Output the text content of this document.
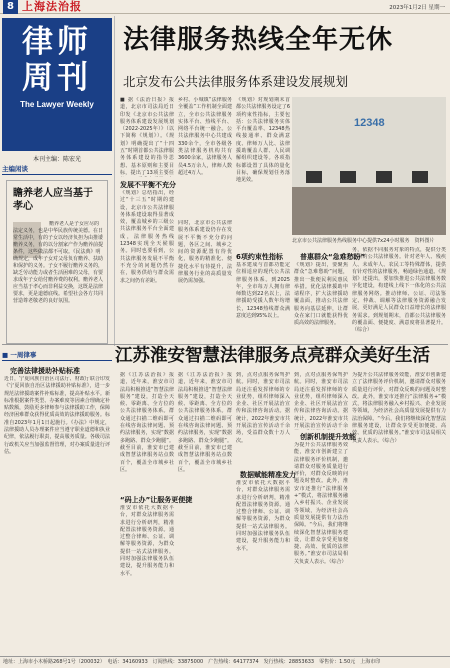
8 上海法治报	2023年1月2日 星期一
律师
周刊
The Lawyer Weekly
本刊主编：陈宏光
主编闲谈
瞻养老人应当基于孝心
赡养老人是子女应尽的法定义务，也是中华民族传统美德。在日常生活中，有的子女以经济负担为由推诿赡养义务，有的以分割家产作为赡养前提条件，这些做法都不可取。《民法典》明确规定，成年子女对父母负有赡养、扶助和保护的义务。子女不履行赡养义务的，缺乏劳动能力或者生活困难的父母，有要求成年子女给付赡养费的权利。赡养老人应当基于孝心而非利益交换，这既是法律要求，更是道德底线。希望社会各方共同营造尊老敬老的良好氛围。
法律服务热线全年无休
北京发布公共法律服务体系建设发展规划
■ 据《法治日报》报道，北京市司法局近日印发《北京市公共法律服务体系建设发展规划（2022-2025年）》（以下简称《规划》）。《规划》明确提出了“十四五”时期首都公共法律服务体系建设的指导思想、基本原则和主要目标，提出了13项主要任
发展不平衡不充分
《规划》总结指出，经过“十三五”时期的建设，北京市公共法律服务体系建设取得显著成效，覆盖城乡的三级公共法律服务平台全面建成，法律服务热线12348实现全天候服务。同时也要看到，公共法律服务发展不平衡不充分的问题仍然存在，服务供给与群众需求之间仍有差距。
乡村、小城镇“法律服务全覆盖”工作机制全面建立，全市公共法律服务实体平台、热线平台、网络平台统一融合。公共法律服务中心共建成330余个，全市各级各类法律服务机构共有3600余家，法律服务人员4.5万余人，律师人数超过4万人。
同时，北京市公共法律服务体系建设仍存在发展不平衡不充分的问题，各区之间、城乡之间的资源配置有待优化，服务的精准化、便捷化水平有待提升，法律服务行业的高质量发展仍需加强。
《规划》对规划期末首都公共法律服务设定了6项约束性指标，主要包括：公共法律服务实体平台覆盖率、12348热线接通率、群众满意度、律师万人比、法律援助覆盖人群、人民调解组织建设等。各项指标都设置了具体的量化目标，确保规划任务落地见效。
6项约束性指标
基本建成与首都功能定位相适应的现代公共法律服务体系。到2025年，全市每万人拥有律师数达到22名以上，法律援助受援人数年均增长，12348热线群众满意度达到95%以上。
12348
北京市公共法律服务热线服务中心提供7x24小时服务　资料图片
普惠群众“急难愁盼”
《规划》提出，要聚焦群众“急难愁盼”问题，推出一批便民利民惠民举措。优化法律援助申请程序，扩大法律援助覆盖面，推动公共法律服务向基层延伸，让群众在家门口就能获得优质高效的法律服务。
务，依据不同服务对象的特点，提供分类分层的公共法律服务。针对老年人、残疾人、未成年人、农民工等特殊群体，提供有针对性的法律服务，畅通绿色通道。《规划》还提出，要加快推进公共法律服务数字化建设，构建线上线下一体化的公共法律服务网络。推动律师、公证、司法鉴定、仲裁、调解等法律服务资源融合发展，更好满足人民群众日益增长的法律服务需求。到规划期末，首都公共法律服务的覆盖面、便捷度、满意度将显著提升。（综合）
■ 一周律事
完善法律援助补贴标准
近日，宁夏回族自治区司法厅、财政厅联合印发《宁夏回族自治区法律援助补贴标准》，进一步规范法律援助案件补贴标准，提高补贴水平。新标准根据案件类型、办案难度等因素合理确定补贴数额，鼓励更多律师参与法律援助工作，保障经济困难群众获得优质高效的法律援助服务。标准自2023年1月1日起施行。《办法》中规定，法律援助人员办理案件应当遵守职业道德和执业纪律，依法履行职责，提高服务质量。各级司法行政机关应当加强监督管理，对办案质量进行评估。
江苏淮安智慧法律服务点亮群众美好生活
据《江苏法治报》报道，近年来，淮安市司法局积极推进“智慧法律服务”建设，打造全天候、零距离、全方位的公共法律服务体系。群众通过扫描二维码即可在线咨询法律问题、预约法律服务，实现“数据多跑路、群众少跑腿”。截至目前，淮安市已建成智慧法律服务站点数百个，覆盖全市城乡社区。
“码上办”让服务更便捷
淮安市依托大数据平台，对群众法律服务需求进行分析研判，精准配置法律服务资源。通过整合律师、公证、调解等服务资源，为群众提供一站式法律服务。同时加强法律服务队伍建设，提升服务能力和水平。
据《江苏法治报》报道，近年来，淮安市司法局积极推进“智慧法律服务”建设，打造全天候、零距离、全方位的公共法律服务体系。群众通过扫描二维码即可在线咨询法律问题、预约法律服务，实现“数据多跑路、群众少跑腿”。截至目前，淮安市已建成智慧法律服务站点数百个，覆盖全市城乡社区。
数据赋能精准发力
淮安市依托大数据平台，对群众法律服务需求进行分析研判，精准配置法律服务资源。通过整合律师、公证、调解等服务资源，为群众提供一站式法律服务。同时加强法律服务队伍建设，提升服务能力和水平。
到，点对点服务保驾护航。同时，淮安市司法局还注重发挥律师的专业优势，组织律师深入企业、社区开展法治宣传和法律咨询活动。据统计，2022年淮安市共开展法治宣传活动千余场，受益群众数十万人次。	创新机制提升效能
到，点对点服务保驾护航。同时，淮安市司法局还注重发挥律师的专业优势，组织律师深入企业、社区开展法治宣传和法律咨询活动。据统计，2022年淮安市共开展法治宣传活动千余
为提升公共法律服务效能，淮安市创新建立了法律服务评价机制，邀请群众对服务质量进行评价，对群众反映的问题及时整改。此外，淮安市还推行“法律服务+”模式，将法律服务融入乡村振兴、企业发展等领域，为经济社会高质量发展提供有力法治保障。“今后，我们将继续深化智慧法律服务建设，让群众享受更加便捷、高效、优质的法律服务。”淮安市司法局相关负责人表示。（综合）
为提升公共法律服务效能，淮安市创新建立了法律服务评价机制，邀请群众对服务质量进行评价，对群众反映的问题及时整改。此外，淮安市还推行“法律服务+”模式，将法律服务融入乡村振兴、企业发展等领域，为经济社会高质量发展提供有力法治保障。“今后，我们将继续深化智慧法律服务建设，让群众享受更加便捷、高效、优质的法律服务。”淮安市司法局相关负责人表示。（综合）
地址：上海市小木桥路268号1号（200032）　电话：34160933　订阅热线：33875000　广告热线：64177374　发行热线：28853633　零售价：1.50元　上海市印
